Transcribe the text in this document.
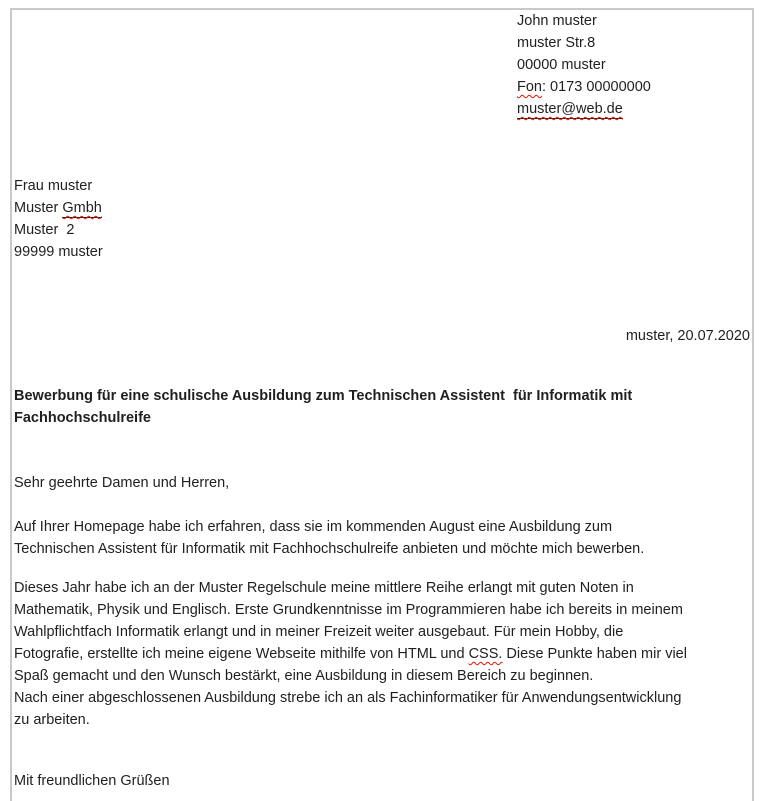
John muster
muster Str.8
00000 muster
Fon: 0173 00000000
muster@web.de
Frau muster
Muster Gmbh
Muster  2
99999 muster
muster, 20.07.2020
Bewerbung für eine schulische Ausbildung zum Technischen Assistent  für Informatik mit
Fachhochschulreife
Sehr geehrte Damen und Herren,
Auf Ihrer Homepage habe ich erfahren, dass sie im kommenden August eine Ausbildung zum
Technischen Assistent für Informatik mit Fachhochschulreife anbieten und möchte mich bewerben.
Dieses Jahr habe ich an der Muster Regelschule meine mittlere Reihe erlangt mit guten Noten in
Mathematik, Physik und Englisch. Erste Grundkenntnisse im Programmieren habe ich bereits in meinem
Wahlpflichtfach Informatik erlangt und in meiner Freizeit weiter ausgebaut. Für mein Hobby, die
Fotografie, erstellte ich meine eigene Webseite mithilfe von HTML und CSS. Diese Punkte haben mir viel
Spaß gemacht und den Wunsch bestärkt, eine Ausbildung in diesem Bereich zu beginnen.
Nach einer abgeschlossenen Ausbildung strebe ich an als Fachinformatiker für Anwendungsentwicklung
zu arbeiten.
Mit freundlichen Grüßen
